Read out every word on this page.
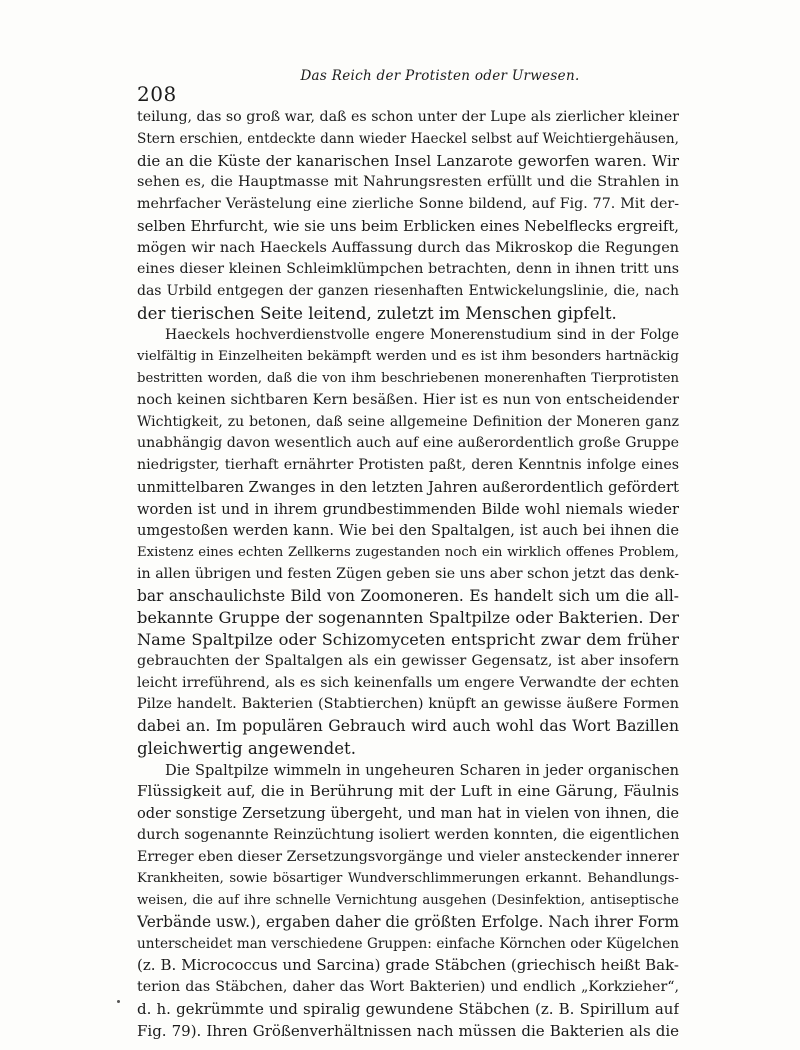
208
Das Reich der Protisten oder Urwesen.
teilung, das so groß war, daß es schon unter der Lupe als zierlicher kleiner
Stern erschien, entdeckte dann wieder Haeckel selbst auf Weichtiergehäusen,
die an die Küste der kanarischen Insel Lanzarote geworfen waren. Wir
sehen es, die Hauptmasse mit Nahrungsresten erfüllt und die Strahlen in
mehrfacher Verästelung eine zierliche Sonne bildend, auf Fig. 77. Mit der-
selben Ehrfurcht, wie sie uns beim Erblicken eines Nebelflecks ergreift,
mögen wir nach Haeckels Auffassung durch das Mikroskop die Regungen
eines dieser kleinen Schleimklümpchen betrachten, denn in ihnen tritt uns
das Urbild entgegen der ganzen riesenhaften Entwickelungslinie, die, nach
der tierischen Seite leitend, zuletzt im Menschen gipfelt.
Haeckels hochverdienstvolle engere Monerenstudium sind in der Folge
vielfältig in Einzelheiten bekämpft werden und es ist ihm besonders hartnäckig
bestritten worden, daß die von ihm beschriebenen monerenhaften Tierprotisten
noch keinen sichtbaren Kern besäßen. Hier ist es nun von entscheidender
Wichtigkeit, zu betonen, daß seine allgemeine Definition der Moneren ganz
unabhängig davon wesentlich auch auf eine außerordentlich große Gruppe
niedrigster, tierhaft ernährter Protisten paßt, deren Kenntnis infolge eines
unmittelbaren Zwanges in den letzten Jahren außerordentlich gefördert
worden ist und in ihrem grundbestimmenden Bilde wohl niemals wieder
umgestoßen werden kann. Wie bei den Spaltalgen, ist auch bei ihnen die
Existenz eines echten Zellkerns zugestanden noch ein wirklich offenes Problem,
in allen übrigen und festen Zügen geben sie uns aber schon jetzt das denk-
bar anschaulichste Bild von Zoomoneren. Es handelt sich um die all-
bekannte Gruppe der sogenannten Spaltpilze oder Bakterien. Der
Name Spaltpilze oder Schizomyceten entspricht zwar dem früher
gebrauchten der Spaltalgen als ein gewisser Gegensatz, ist aber insofern
leicht irreführend, als es sich keinenfalls um engere Verwandte der echten
Pilze handelt. Bakterien (Stabtierchen) knüpft an gewisse äußere Formen
dabei an. Im populären Gebrauch wird auch wohl das Wort Bazillen
gleichwertig angewendet.
Die Spaltpilze wimmeln in ungeheuren Scharen in jeder organischen
Flüssigkeit auf, die in Berührung mit der Luft in eine Gärung, Fäulnis
oder sonstige Zersetzung übergeht, und man hat in vielen von ihnen, die
durch sogenannte Reinzüchtung isoliert werden konnten, die eigentlichen
Erreger eben dieser Zersetzungsvorgänge und vieler ansteckender innerer
Krankheiten, sowie bösartiger Wundverschlimmerungen erkannt. Behandlungs-
weisen, die auf ihre schnelle Vernichtung ausgehen (Desinfektion, antiseptische
Verbände usw.), ergaben daher die größten Erfolge. Nach ihrer Form
unterscheidet man verschiedene Gruppen: einfache Körnchen oder Kügelchen
(z. B. Micrococcus und Sarcina) grade Stäbchen (griechisch heißt Bak-
terion das Stäbchen, daher das Wort Bakterien) und endlich „Korkzieher“,
d. h. gekrümmte und spiralig gewundene Stäbchen (z. B. Spirillum auf
Fig. 79). Ihren Größenverhältnissen nach müssen die Bakterien als die
